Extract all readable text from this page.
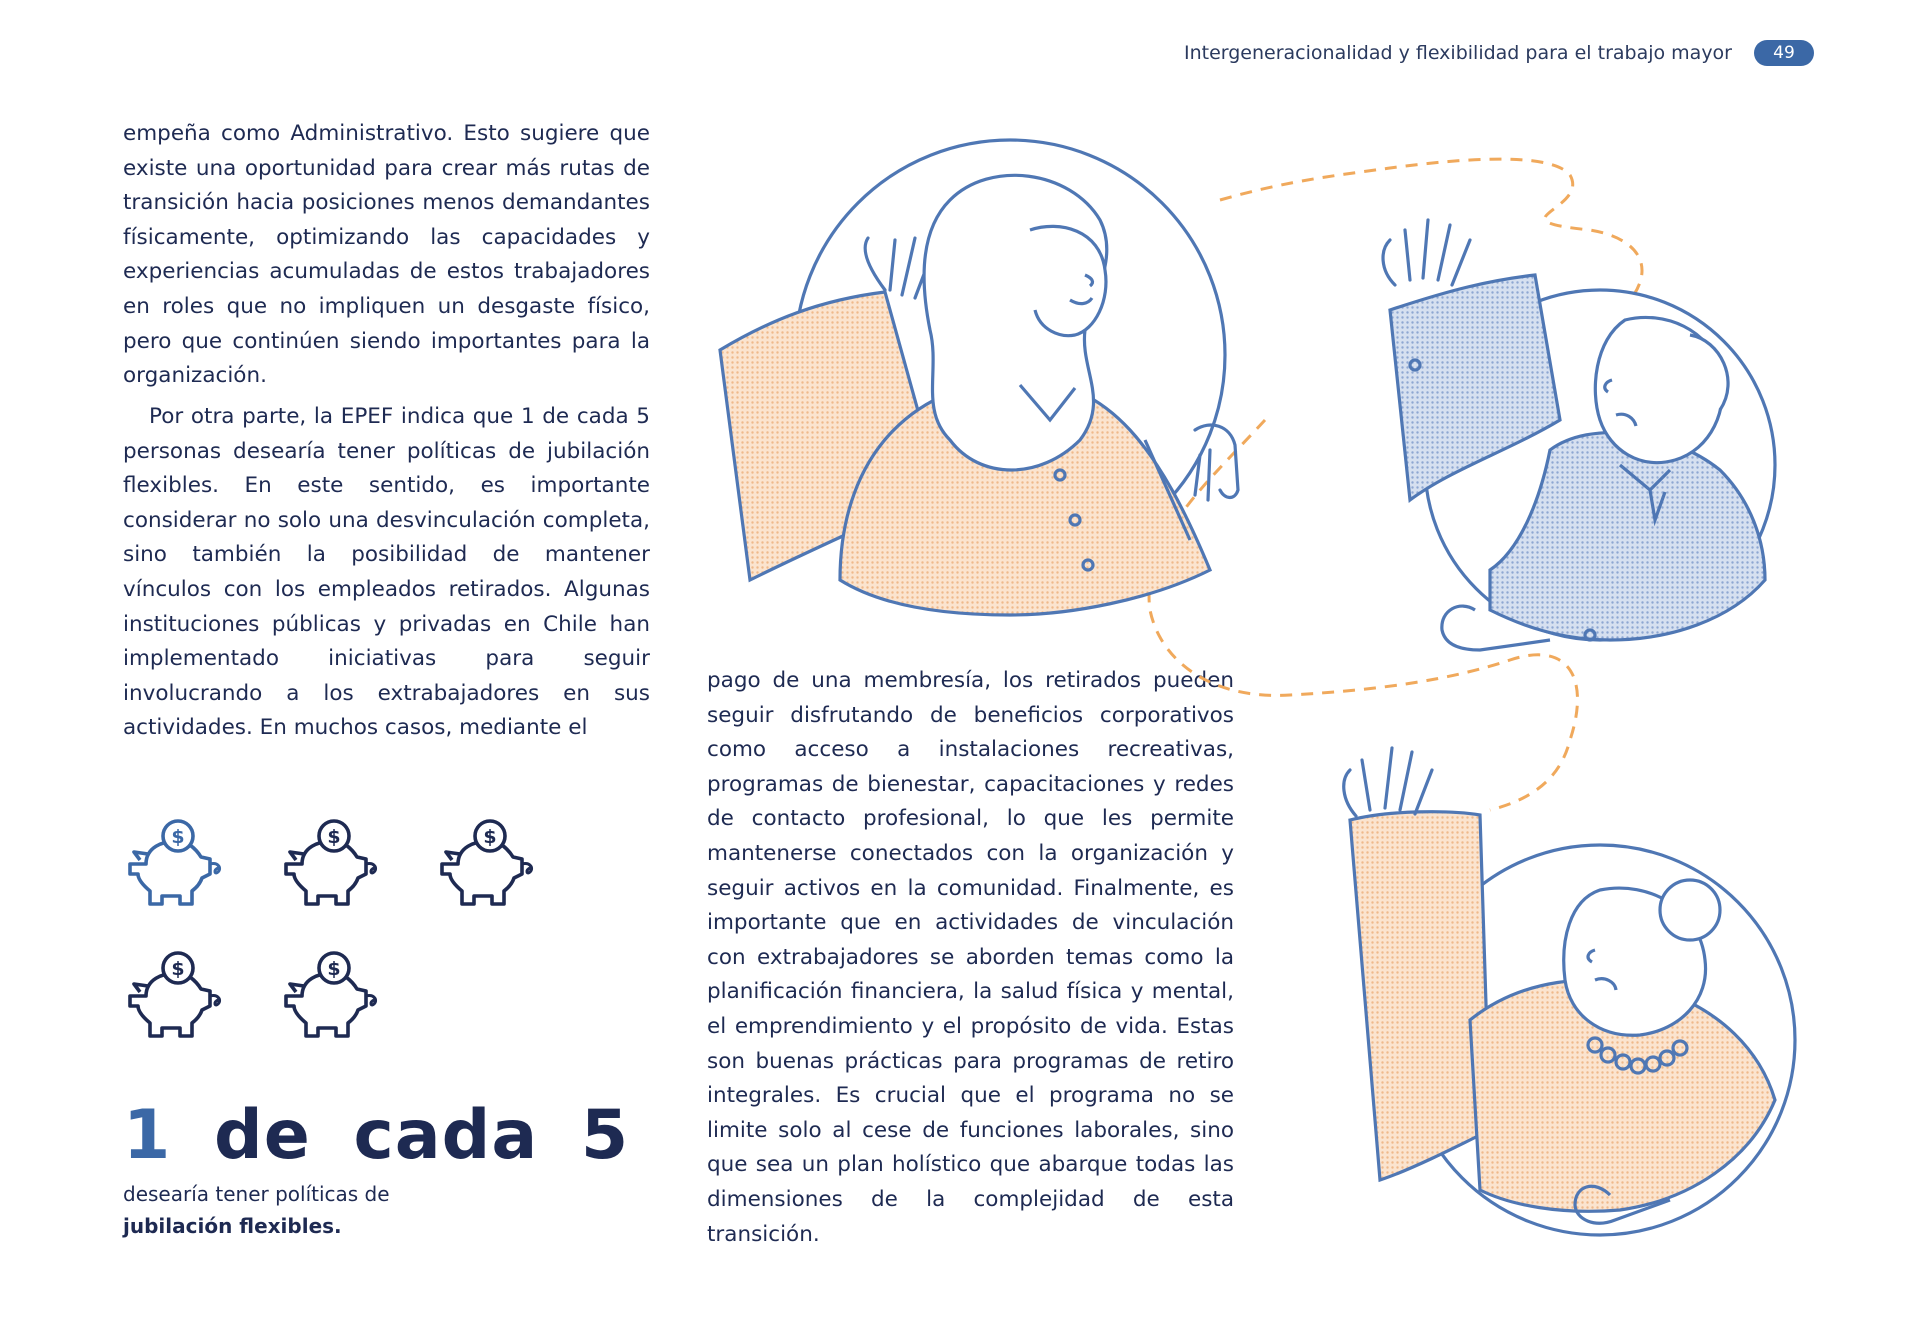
Intergeneracionalidad y flexibilidad para el trabajo mayor	49

empeña como Administrativo. Esto sugiere que existe una oportunidad para crear más rutas de transición hacia posiciones menos demandantes físicamente, optimizando las capacidades y experiencias acumuladas de estos trabajadores en roles que no impliquen un desgaste físico, pero que continúen siendo importantes para la organización.

Por otra parte, la EPEF indica que 1 de cada 5 personas desearía tener políticas de jubilación flexibles. En este sentido, es importante considerar no solo una desvinculación completa, sino también la posibilidad de mantener vínculos con los empleados retirados. Algunas instituciones públicas y privadas en Chile han implementado iniciativas para seguir involucrando a los extrabajadores en sus actividades. En muchos casos, mediante el

pago de una membresía, los retirados pueden seguir disfrutando de beneficios corporativos como acceso a instalaciones recreativas, programas de bienestar, capacitaciones y redes de contacto profesional, lo que les permite mantenerse conectados con la organización y seguir activos en la comunidad. Finalmente, es importante que en actividades de vinculación con extrabajadores se aborden temas como la planificación financiera, la salud física y mental, el emprendimiento y el propósito de vida. Estas son buenas prácticas para programas de retiro integrales. Es crucial que el programa no se limite solo al cese de funciones laborales, sino que sea un plan holístico que abarque todas las dimensiones de la complejidad de esta transición.

1 de cada 5
desearía tener políticas de
jubilación flexibles.
